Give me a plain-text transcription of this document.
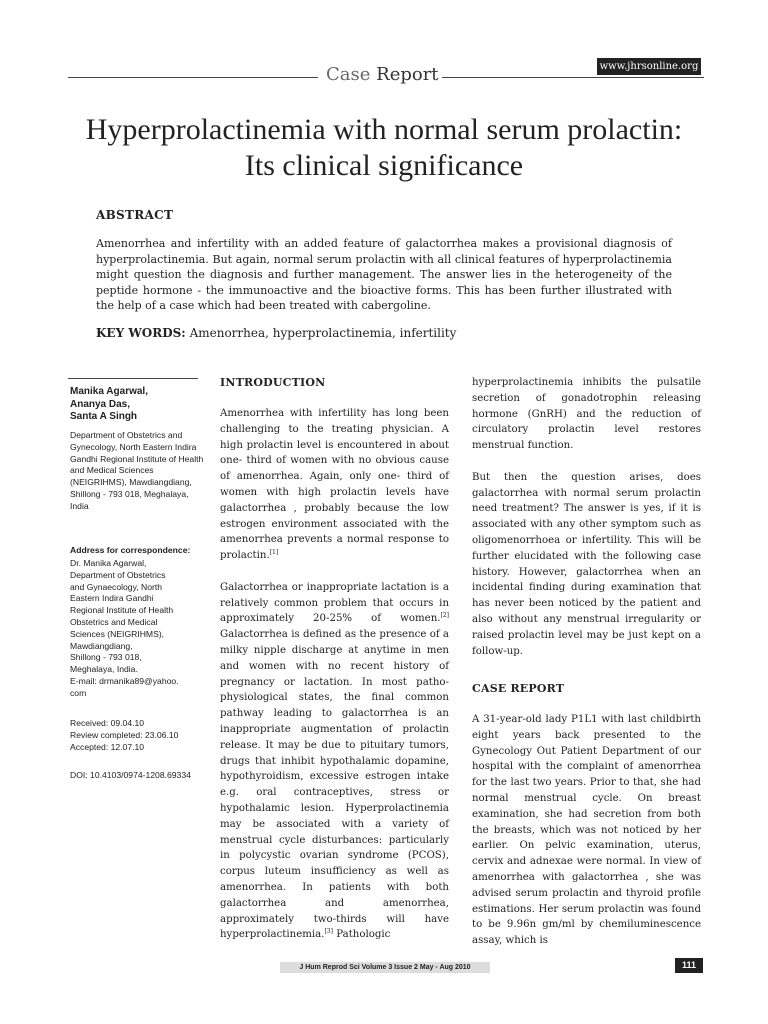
Case Report	www.jhrsonline.org
Hyperprolactinemia with normal serum prolactin:
Its clinical significance
ABSTRACT
Amenorrhea and infertility with an added feature of galactorrhea makes a provisional diagnosis of hyperprolactinemia. But again, normal serum prolactin with all clinical features of hyperprolactinemia might question the diagnosis and further management. The answer lies in the heterogeneity of the peptide hormone - the immunoactive and the bioactive forms. This has been further illustrated with the help of a case which had been treated with cabergoline.
KEY WORDS: Amenorrhea, hyperprolactinemia, infertility
Manika Agarwal,
Ananya Das,
Santa A Singh
Department of Obstetrics and Gynecology, North Eastern Indira Gandhi Regional Institute of Health and Medical Sciences (NEIGRIHMS), Mawdiangdiang, Shillong - 793 018, Meghalaya, India
Address for correspondence:
Dr. Manika Agarwal,
Department of Obstetrics
and Gynaecology, North
Eastern Indira Gandhi
Regional Institute of Health
Obstetrics and Medical
Sciences (NEIGRIHMS),
Mawdiangdiang,
Shillong - 793 018,
Meghalaya, India.
E-mail: drmanika89@yahoo.
com
Received: 09.04.10
Review completed: 23.06.10
Accepted: 12.07.10
DOI: 10.4103/0974-1208.69334
INTRODUCTION

Amenorrhea with infertility has long been challenging to the treating physician. A high prolactin level is encountered in about one- third of women with no obvious cause of amenorrhea. Again, only one- third of women with high prolactin levels have galactorrhea , probably because the low estrogen environment associated with the amenorrhea prevents a normal response to prolactin.[1]

Galactorrhea or inappropriate lactation is a relatively common problem that occurs in approximately 20-25% of women.[2] Galactorrhea is defined as the presence of a milky nipple discharge at anytime in men and women with no recent history of pregnancy or lactation. In most patho-physiological states, the final common pathway leading to galactorrhea is an inappropriate augmentation of prolactin release. It may be due to pituitary tumors, drugs that inhibit hypothalamic dopamine, hypothyroidism, excessive estrogen intake e.g. oral contraceptives, stress or hypothalamic lesion. Hyperprolactinemia may be associated with a variety of menstrual cycle disturbances: particularly in polycystic ovarian syndrome (PCOS), corpus luteum insufficiency as well as amenorrhea. In patients with both galactorrhea and amenorrhea, approximately two-thirds will have hyperprolactinemia.[3] Pathologic

hyperprolactinemia inhibits the pulsatile secretion of gonadotrophin releasing hormone (GnRH) and the reduction of circulatory prolactin level restores menstrual function.

But then the question arises, does galactorrhea with normal serum prolactin need treatment? The answer is yes, if it is associated with any other symptom such as oligomenorrhoea or infertility. This will be further elucidated with the following case history. However, galactorrhea when an incidental finding during examination that has never been noticed by the patient and also without any menstrual irregularity or raised prolactin level may be just kept on a follow-up.

CASE REPORT

A 31-year-old lady P1L1 with last childbirth eight years back presented to the Gynecology Out Patient Department of our hospital with the complaint of amenorrhea for the last two years. Prior to that, she had normal menstrual cycle. On breast examination, she had secretion from both the breasts, which was not noticed by her earlier. On pelvic examination, uterus, cervix and adnexae were normal. In view of amenorrhea with galactorrhea , she was advised serum prolactin and thyroid profile estimations. Her serum prolactin was found to be 9.96n gm/ml by chemiluminescence assay, which is

J Hum Reprod Sci Volume 3 Issue 2 May - Aug 2010	111
